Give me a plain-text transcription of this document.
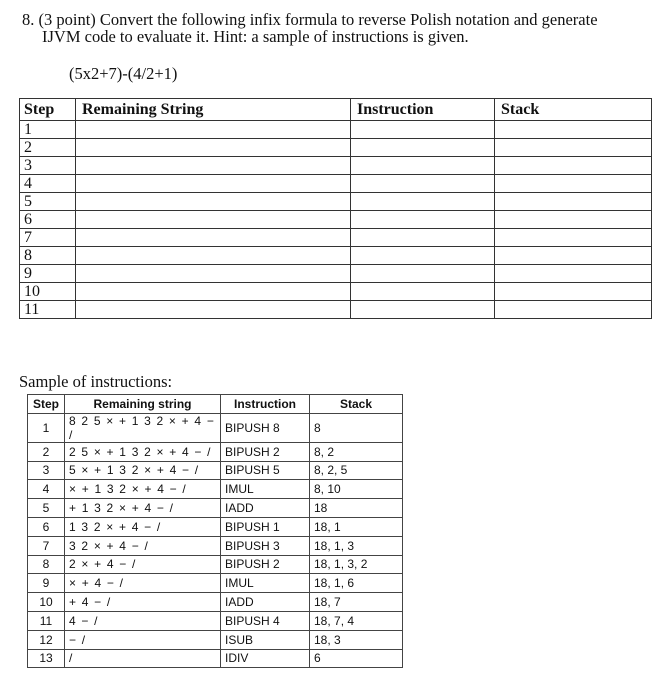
8. (3 point) Convert the following infix formula to reverse Polish notation and generate
IJVM code to evaluate it. Hint: a sample of instructions is given.
(5x2+7)-(4/2+1)
Step	Remaining String	Instruction	Stack
1			
2			
3			
4			
5			
6			
7			
8			
9			
10			
11			
Sample of instructions:
Step	Remaining string	Instruction	Stack
1	8 2 5 × + 1 3 2 × + 4 − /	BIPUSH 8	8
2	2 5 × + 1 3 2 × + 4 − /	BIPUSH 2	8, 2
3	5 × + 1 3 2 × + 4 − /	BIPUSH 5	8, 2, 5
4	× + 1 3 2 × + 4 − /	IMUL	8, 10
5	+ 1 3 2 × + 4 − /	IADD	18
6	1 3 2 × + 4 − /	BIPUSH 1	18, 1
7	3 2 × + 4 − /	BIPUSH 3	18, 1, 3
8	2 × + 4 − /	BIPUSH 2	18, 1, 3, 2
9	× + 4 − /	IMUL	18, 1, 6
10	+ 4 − /	IADD	18, 7
11	4 − /	BIPUSH 4	18, 7, 4
12	− /	ISUB	18, 3
13	/	IDIV	6
